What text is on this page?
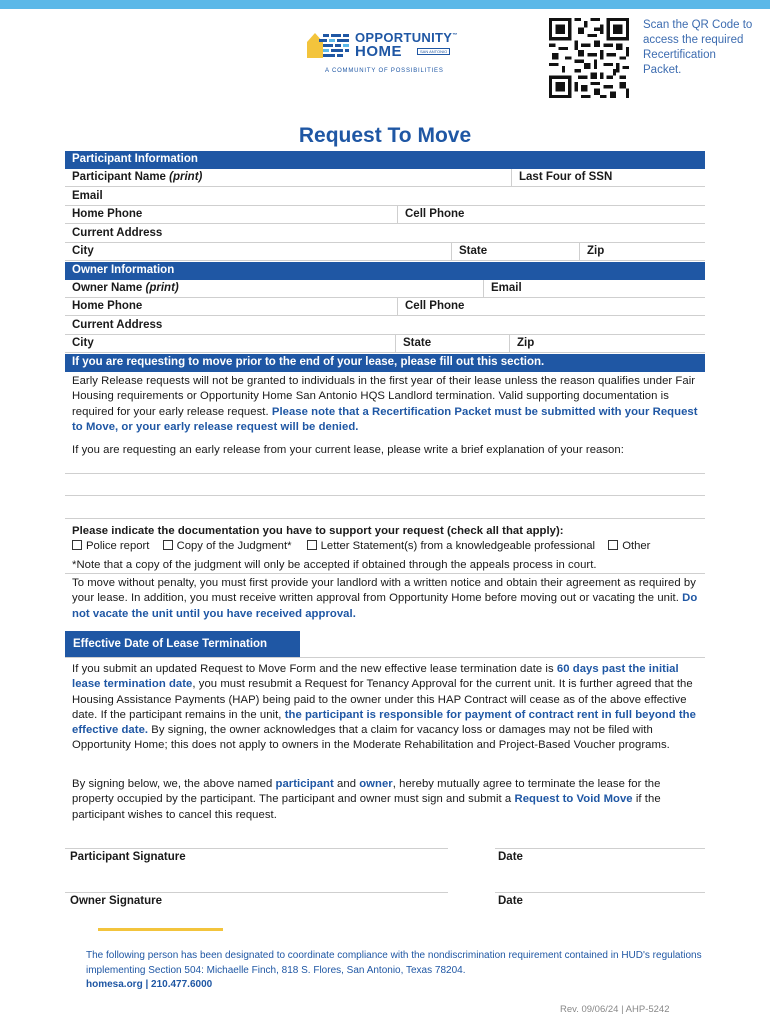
OPPORTUNITY™
HOME	SAN ANTONIO
A COMMUNITY OF POSSIBILITIES
Scan the QR Code to access the required Recertification Packet.
Request To Move
Participant Information
Participant Name (print)	Last Four of SSN
Email
Home Phone	Cell Phone
Current Address
City	State	Zip
Owner Information
Owner Name (print)	Email
Home Phone	Cell Phone
Current Address
City	State	Zip
If you are requesting to move prior to the end of your lease, please fill out this section.
Early Release requests will not be granted to individuals in the first year of their lease unless the reason qualifies under Fair Housing requirements or Opportunity Home San Antonio HQS Landlord termination. Valid supporting documentation is required for your early release request. Please note that a Recertification Packet must be submitted with your Request to Move, or your early release request will be denied.
If you are requesting an early release from your current lease, please write a brief explanation of your reason:
Please indicate the documentation you have to support your request (check all that apply):
Police report Copy of the Judgment*	Letter Statement(s) from a knowledgeable professional Other
*Note that a copy of the judgment will only be accepted if obtained through the appeals process in court.
To move without penalty, you must first provide your landlord with a written notice and obtain their agreement as required by your lease. In addition, you must receive written approval from Opportunity Home before moving out or vacating the unit. Do not vacate the unit until you have received approval.
Effective Date of Lease Termination
If you submit an updated Request to Move Form and the new effective lease termination date is 60 days past the initial lease termination date, you must resubmit a Request for Tenancy Approval for the current unit. It is further agreed that the Housing Assistance Payments (HAP) being paid to the owner under this HAP Contract will cease as of the above effective date. If the participant remains in the unit, the participant is responsible for payment of contract rent in full beyond the effective date. By signing, the owner acknowledges that a claim for vacancy loss or damages may not be filed with Opportunity Home; this does not apply to owners in the Moderate Rehabilitation and Project-Based Voucher programs.
By signing below, we, the above named participant and owner, hereby mutually agree to terminate the lease for the property occupied by the participant. The participant and owner must sign and submit a Request to Void Move if the participant wishes to cancel this request.
Participant Signature	Date
Owner Signature	Date
The following person has been designated to coordinate compliance with the nondiscrimination requirement contained in HUD's regulations implementing Section 504: Michaelle Finch, 818 S. Flores, San Antonio, Texas 78204.
homesa.org | 210.477.6000
Rev. 09/06/24 | AHP-5242
